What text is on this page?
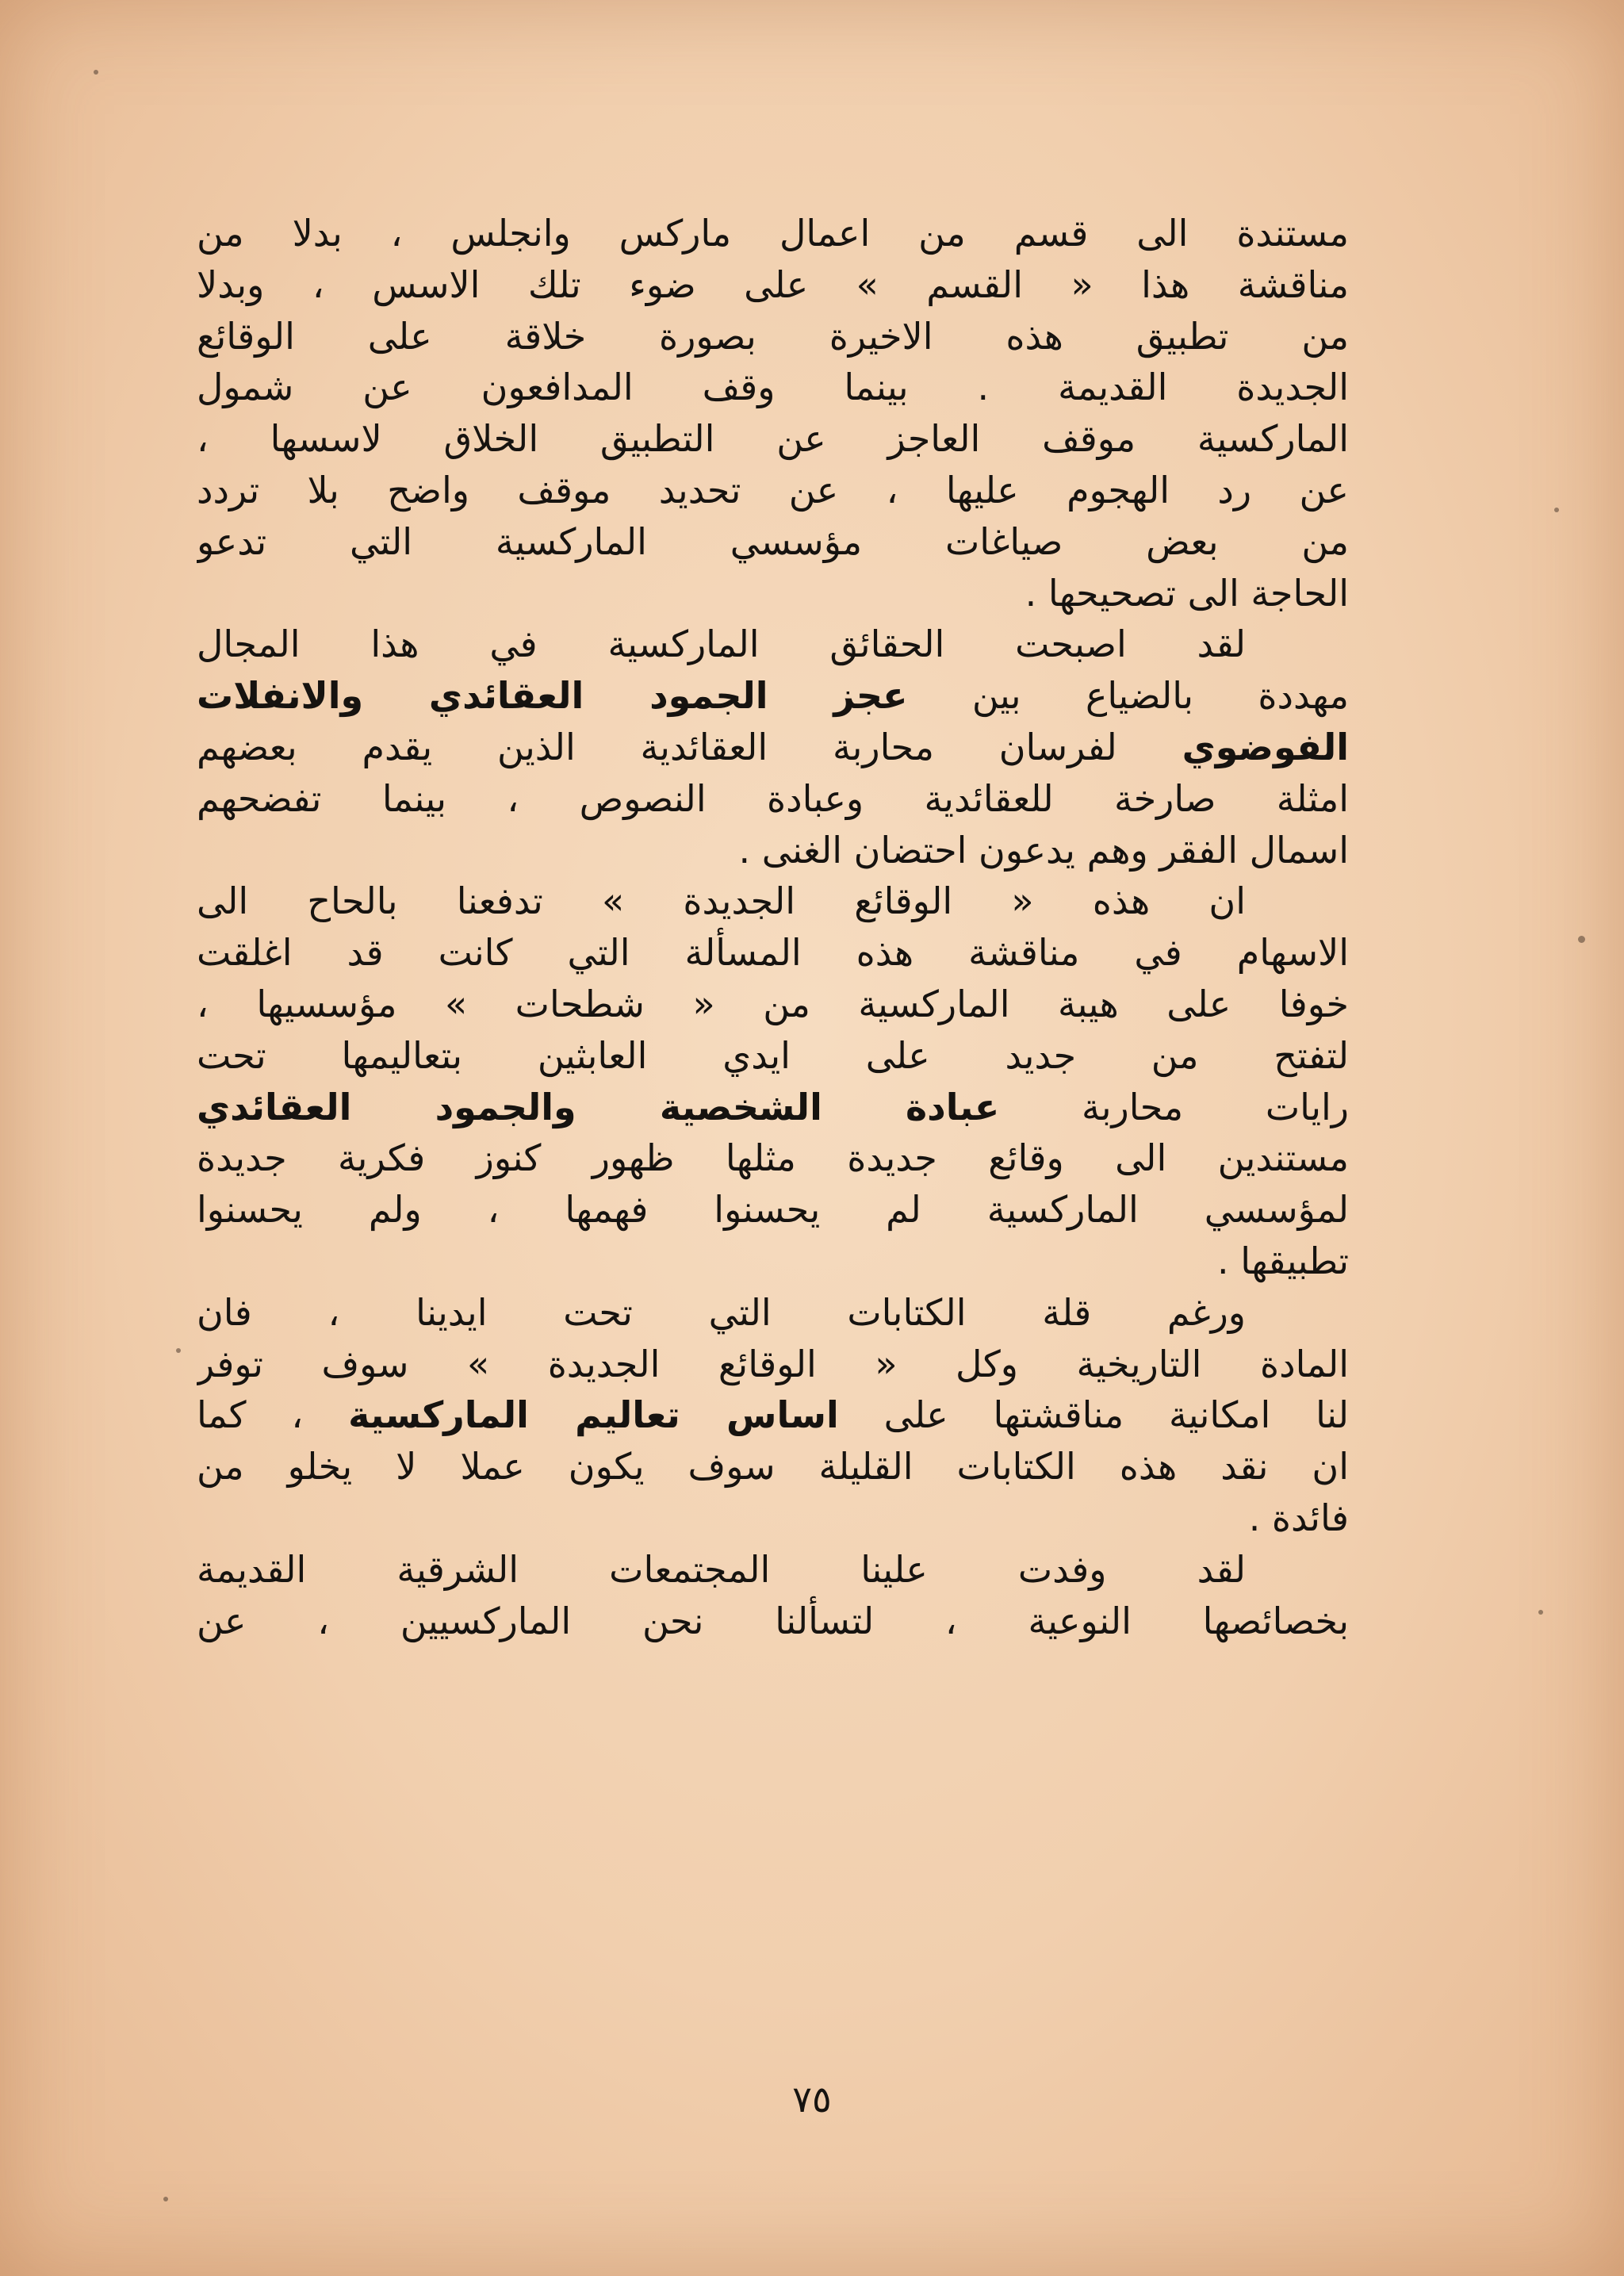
مستندة الى قسم من اعمال ماركس وانجلس ، بدلا من
مناقشة هذا « القسم » على ضوء تلك الاسس ، وبدلا
من تطبيق هذه الاخيرة بصورة خلاقة على الوقائع
الجديدة القديمة . بينما وقف المدافعون عن شمول
الماركسية موقف العاجز عن التطبيق الخلاق لاسسها ،
عن رد الهجوم عليها ، عن تحديد موقف واضح بلا تردد
من بعض صياغات مؤسسي الماركسية التي تدعو
الحاجة الى تصحيحها .
لقد اصبحت الحقائق الماركسية في هذا المجال
مهددة بالضياع بين عجز الجمود العقائدي والانفلات
الفوضوي لفرسان محاربة العقائدية الذين يقدم بعضهم
امثلة صارخة للعقائدية وعبادة النصوص ، بينما تفضحهم
اسمال الفقر وهم يدعون احتضان الغنى .
ان هذه « الوقائع الجديدة » تدفعنا بالحاح الى
الاسهام في مناقشة هذه المسألة التي كانت قد اغلقت
خوفا على هيبة الماركسية من « شطحات » مؤسسيها ،
لتفتح من جديد على ايدي العابثين بتعاليمها تحت
رايات محاربة عبادة الشخصية والجمود العقائدي
مستندين الى وقائع جديدة مثلها ظهور كنوز فكرية جديدة
لمؤسسي الماركسية لم يحسنوا فهمها ، ولم يحسنوا
تطبيقها .
ورغم قلة الكتابات التي تحت ايدينا ، فان
المادة التاريخية وكل « الوقائع الجديدة » سوف توفر
لنا امكانية مناقشتها على اساس تعاليم الماركسية ، كما
ان نقد هذه الكتابات القليلة سوف يكون عملا لا يخلو من
فائدة .
لقد وفدت علينا المجتمعات الشرقية القديمة
بخصائصها النوعية ، لتسألنا نحن الماركسيين ، عن
٧٥
